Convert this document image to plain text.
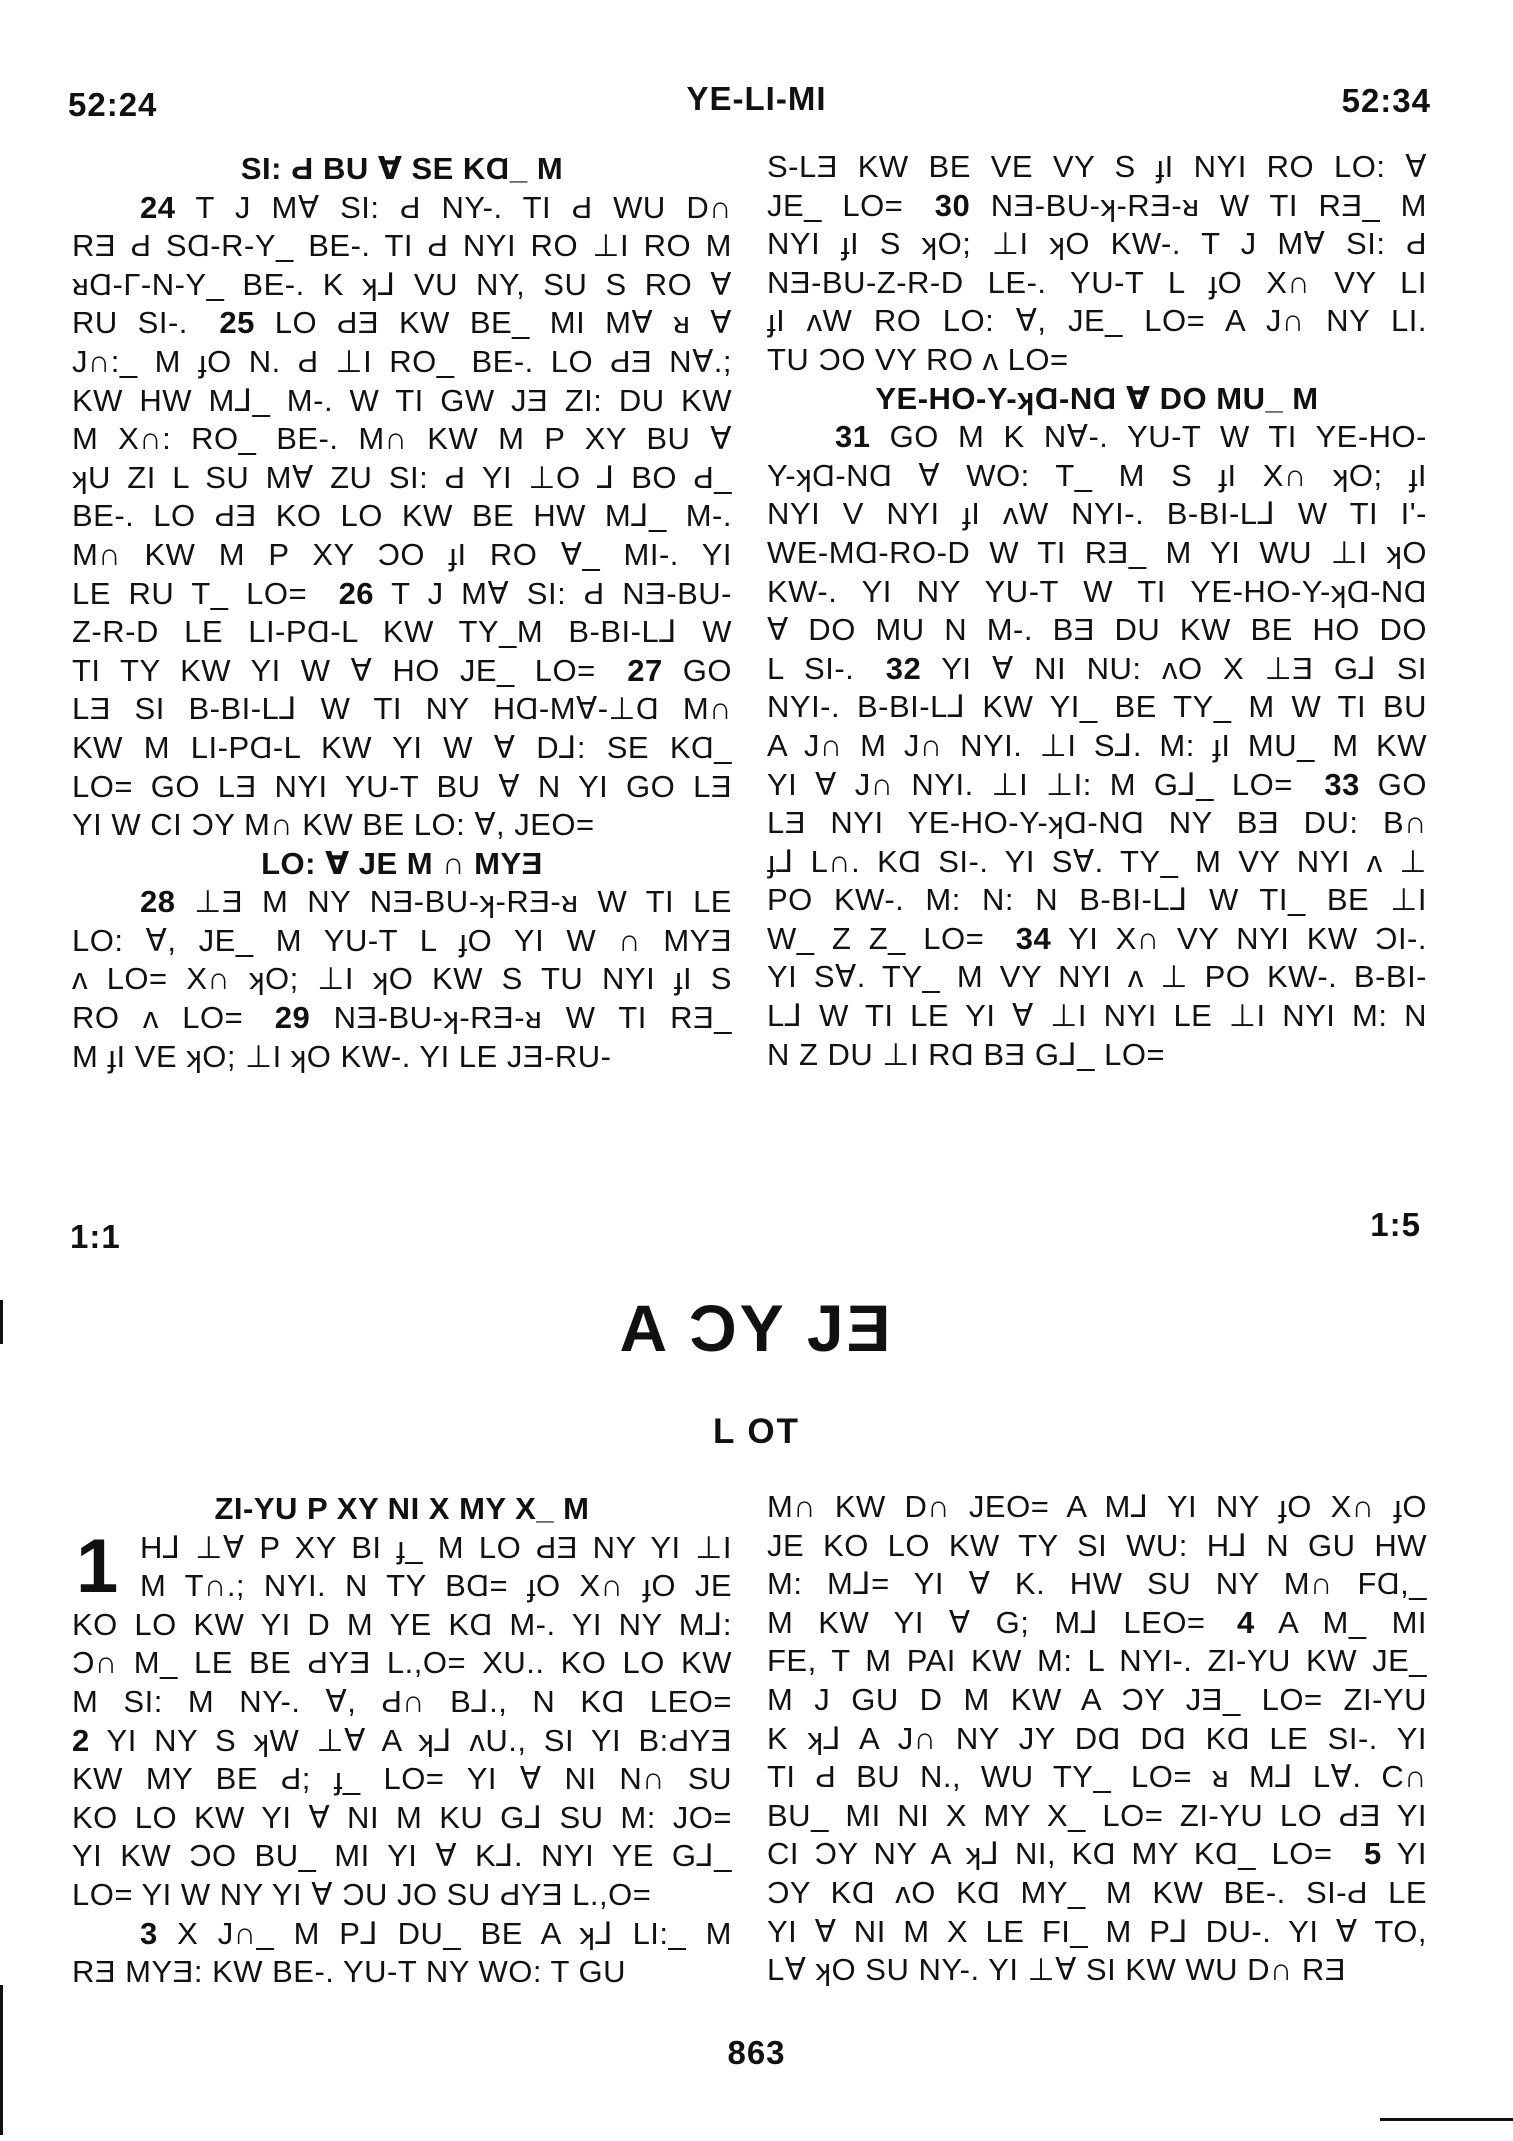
52:24	YE-LI-MI	52:34
SI: Ԁ BU Ɐ SE KⱭ_ M
24 T J MⱯ SI: Ԁ NY-. TI Ԁ WU D∩
RƎ Ԁ SⱭ-R-Y_ BE-. TI Ԁ NYI RO ⊥I RO M
ᴚⱭ-Γ-N-Y_ BE-. K ʞ⅃ VU NY, SU S RO Ɐ
RU SI-.  25 LO ԀƎ KW BE_ MI MⱯ ᴚ Ɐ
J∩:_ M ɟO N. Ԁ ⊥I RO_ BE-. LO ԀƎ NⱯ.;
KW HW M⅃_ M-. W TI GW JƎ ZI: DU KW
M X∩: RO_ BE-. M∩ KW M P XY BU Ɐ
ʞU ZI L SU MⱯ ZU SI: Ԁ YI ⊥O ⅃ BO Ԁ_
BE-. LO ԀƎ KO LO KW BE HW M⅃_ M-.
M∩ KW M P XY ƆO ɟI RO Ɐ_ MI-. YI
LE RU T_ LO=  26 T J MⱯ SI: Ԁ NƎ-BU-
Z-R-D LE LI-PⱭ-L KW TY_M B-BI-L⅃ W
TI TY KW YI W Ɐ HO JE_ LO=  27 GO
LƎ SI B-BI-L⅃ W TI NY HⱭ-MⱯ-⊥Ɑ M∩
KW M LI-PⱭ-L KW YI W Ɐ D⅃: SE KⱭ_
LO= GO LƎ NYI YU-T BU Ɐ N YI GO LƎ
YI W CI ƆY M∩ KW BE LO: Ɐ, JEO=
LO: Ɐ JE M ∩ MYƎ
28 ⊥Ǝ M NY NƎ-BU-ʞ-RƎ-ᴚ W TI LE
LO: Ɐ, JE_ M YU-T L ɟO YI W ∩ MYƎ
ʌ LO= X∩ ʞO; ⊥I ʞO KW S TU NYI ɟI S
RO ʌ LO=  29 NƎ-BU-ʞ-RƎ-ᴚ W TI RƎ_
M ɟI VE ʞO; ⊥I ʞO KW-. YI LE JƎ-RU-
S-LƎ KW BE VE VY S ɟI NYI RO LO: Ɐ
JE_ LO=  30 NƎ-BU-ʞ-RƎ-ᴚ W TI RƎ_ M
NYI ɟI S ʞO; ⊥I ʞO KW-. T J MⱯ SI: Ԁ
NƎ-BU-Z-R-D LE-. YU-T L ɟO X∩ VY LI
ɟI ʌW RO LO: Ɐ, JE_ LO= A J∩ NY LI.
TU ƆO VY RO ʌ LO=
YE-HO-Y-ʞⱭ-NⱭ Ɐ DO MU_ M
31 GO M K NⱯ-. YU-T W TI YE-HO-
Y-ʞⱭ-NⱭ Ɐ WO: T_ M S ɟI X∩ ʞO; ɟI
NYI V NYI ɟI ʌW NYI-. B-BI-L⅃ W TI I'-
WE-MⱭ-RO-D W TI RƎ_ M YI WU ⊥I ʞO
KW-. YI NY YU-T W TI YE-HO-Y-ʞⱭ-NⱭ
Ɐ DO MU N M-. BƎ DU KW BE HO DO
L SI-.  32 YI Ɐ NI NU: ʌO X ⊥Ǝ G⅃ SI
NYI-. B-BI-L⅃ KW YI_ BE TY_ M W TI BU
A J∩ M J∩ NYI. ⊥I S⅃. M: ɟI MU_ M KW
YI Ɐ J∩ NYI. ⊥I ⊥I: M G⅃_ LO=  33 GO
LƎ NYI YE-HO-Y-ʞⱭ-NⱭ NY BƎ DU: B∩
ɟ⅃ L∩. KⱭ SI-. YI SⱯ. TY_ M VY NYI ʌ ⊥
PO KW-. M: N: N B-BI-L⅃ W TI_ BE ⊥I
W_ Z Z_ LO=  34 YI X∩ VY NYI KW ƆI-.
YI SⱯ. TY_ M VY NYI ʌ ⊥ PO KW-. B-BI-
L⅃ W TI LE YI Ɐ ⊥I NYI LE ⊥I NYI M: N
N Z DU ⊥I RⱭ BƎ G⅃_ LO=
1:1	1:5
A ƆY JƎ
L OT
ZI-YU P XY NI X MY X_ M
1 H⅃ ⊥Ɐ P XY BI ɟ_ M LO ԀƎ NY YI ⊥I
M T∩.; NYI. N TY BⱭ= ɟO X∩ ɟO JE
KO LO KW YI D M YE KⱭ M-. YI NY M⅃:
Ɔ∩ M_ LE BE ԀYƎ L.,O= XU.. KO LO KW
M SI: M NY-. Ɐ, Ԁ∩ B⅃., N KⱭ LEO=
2 YI NY S ʞW ⊥Ɐ A ʞ⅃ ʌU., SI YI B:ԀYƎ
KW MY BE Ԁ; ɟ_ LO= YI Ɐ NI N∩ SU
KO LO KW YI Ɐ NI M KU G⅃ SU M: JO=
YI KW ƆO BU_ MI YI Ɐ K⅃. NYI YE G⅃_
LO= YI W NY YI Ɐ ƆU JO SU ԀYƎ L.,O=
3 X J∩_ M P⅃ DU_ BE A ʞ⅃ LI:_ M
RƎ MYƎ: KW BE-. YU-T NY WO: T GU
M∩ KW D∩ JEO= A M⅃ YI NY ɟO X∩ ɟO
JE KO LO KW TY SI WU: H⅃ N GU HW
M: M⅃= YI Ɐ K. HW SU NY M∩ FⱭ,_
M KW YI Ɐ G; M⅃ LEO=  4 A M_ MI
FE, T M PAI KW M: L NYI-. ZI-YU KW JE_
M J GU D M KW A ƆY JƎ_ LO= ZI-YU
K ʞ⅃ A J∩ NY JY DⱭ DⱭ KⱭ LE SI-. YI
TI Ԁ BU N., WU TY_ LO= ᴚ M⅃ LⱯ. C∩
BU_ MI NI X MY X_ LO= ZI-YU LO ԀƎ YI
CI ƆY NY A ʞ⅃ NI, KⱭ MY KⱭ_ LO=  5 YI
ƆY KⱭ ʌO KⱭ MY_ M KW BE-. SI-Ԁ LE
YI Ɐ NI M X LE FI_ M P⅃ DU-. YI Ɐ TO,
LⱯ ʞO SU NY-. YI ⊥Ɐ SI KW WU D∩ RƎ
863
